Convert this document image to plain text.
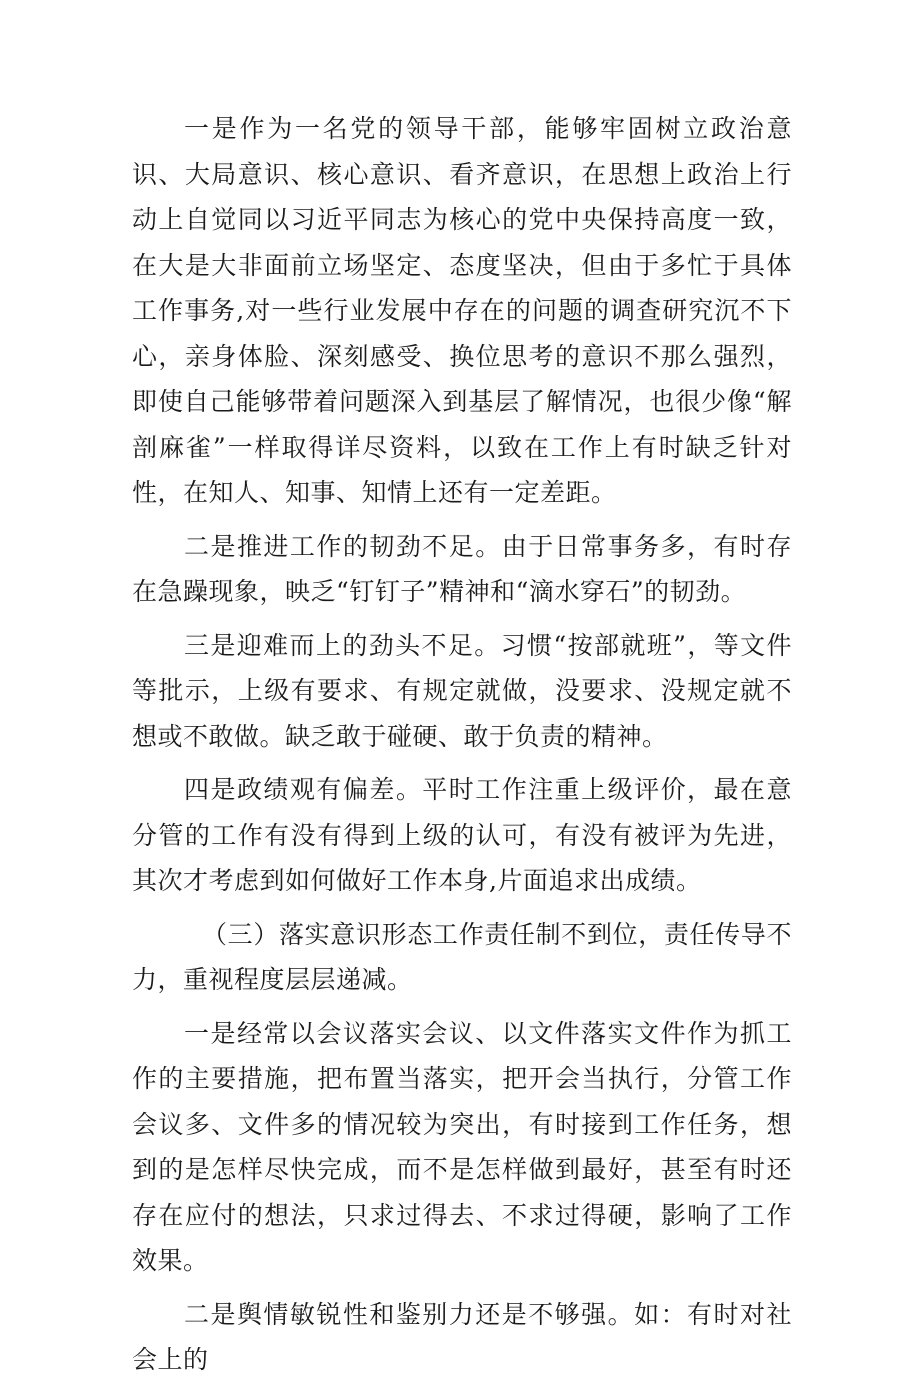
一是作为一名党的领导干部，能够牢固树立政治意识、大局意识、核心意识、看齐意识，在思想上政治上行动上自觉同以习近平同志为核心的党中央保持高度一致，在大是大非面前立场坚定、态度坚决，但由于多忙于具体工作事务,对一些行业发展中存在的问题的调查研究沉不下心，亲身体脸、深刻感受、换位思考的意识不那么强烈，即使自己能够带着问题深入到基层了解情况，也很少像“解剖麻雀”一样取得详尽资料，以致在工作上有时缺乏针对性，在知人、知事、知情上还有一定差距。

二是推进工作的韧劲不足。由于日常事务多，有时存在急躁现象，映乏“钉钉子”精神和“滴水穿石”的韧劲。

三是迎难而上的劲头不足。习惯“按部就班”，等文件等批示，上级有要求、有规定就做，没要求、没规定就不想或不敢做。缺乏敢于碰硬、敢于负责的精神。

四是政绩观有偏差。平时工作注重上级评价，最在意分管的工作有没有得到上级的认可，有没有被评为先进，其次才考虑到如何做好工作本身,片面追求出成绩。

（三）落实意识形态工作责任制不到位，责任传导不力，重视程度层层递减。

一是经常以会议落实会议、以文件落实文件作为抓工作的主要措施，把布置当落实，把开会当执行，分管工作会议多、文件多的情况较为突出，有时接到工作任务，想到的是怎样尽快完成，而不是怎样做到最好，甚至有时还存在应付的想法，只求过得去、不求过得硬，影响了工作效果。

二是舆情敏锐性和鉴别力还是不够强。如：有时对社会上的
